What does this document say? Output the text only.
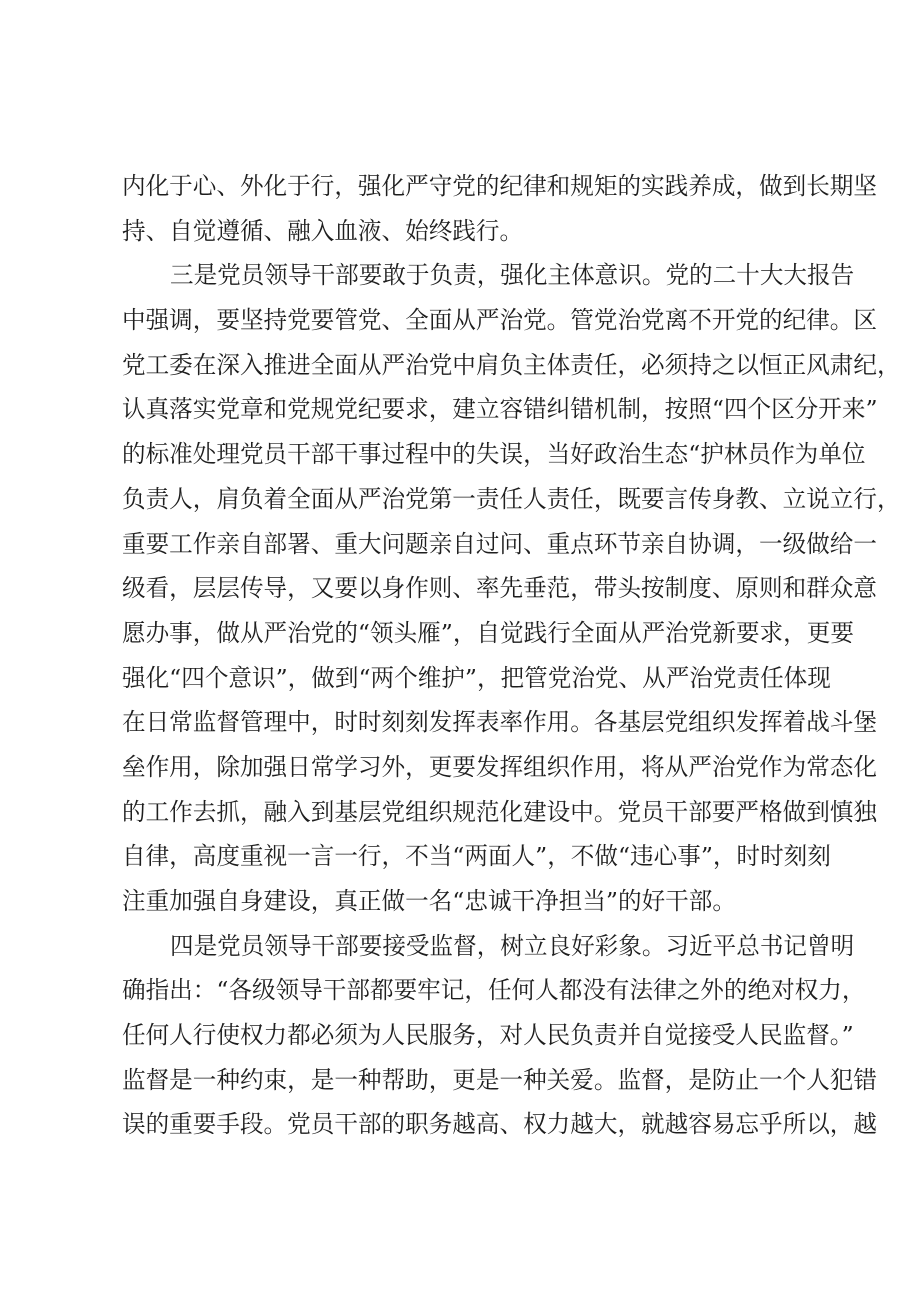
内化于心、外化于行，强化严守党的纪律和规矩的实践养成，做到长期坚
持、自觉遵循、融入血液、始终践行。
三是党员领导干部要敢于负责，强化主体意识。党的二十大大报告
中强调，要坚持党要管党、全面从严治党。管党治党离不开党的纪律。区
党工委在深入推进全面从严治党中肩负主体责任，必须持之以恒正风肃纪，
认真落实党章和党规党纪要求，建立容错纠错机制，按照“四个区分开来”
的标准处理党员干部干事过程中的失误，当好政治生态“护林员作为单位
负责人，肩负着全面从严治党第一责任人责任，既要言传身教、立说立行，
重要工作亲自部署、重大问题亲自过问、重点环节亲自协调，一级做给一
级看，层层传导，又要以身作则、率先垂范，带头按制度、原则和群众意
愿办事，做从严治党的“领头雁”，自觉践行全面从严治党新要求，更要
强化“四个意识”，做到“两个维护”，把管党治党、从严治党责任体现
在日常监督管理中，时时刻刻发挥表率作用。各基层党组织发挥着战斗堡
垒作用，除加强日常学习外，更要发挥组织作用，将从严治党作为常态化
的工作去抓，融入到基层党组织规范化建设中。党员干部要严格做到慎独
自律，高度重视一言一行，不当“两面人”，不做“违心事”，时时刻刻
注重加强自身建设，真正做一名“忠诚干净担当”的好干部。
四是党员领导干部要接受监督，树立良好彩象。习近平总书记曾明
确指出：“各级领导干部都要牢记，任何人都没有法律之外的绝对权力，
任何人行使权力都必须为人民服务，对人民负责并自觉接受人民监督。”
监督是一种约束，是一种帮助，更是一种关爱。监督，是防止一个人犯错
误的重要手段。党员干部的职务越高、权力越大，就越容易忘乎所以，越
